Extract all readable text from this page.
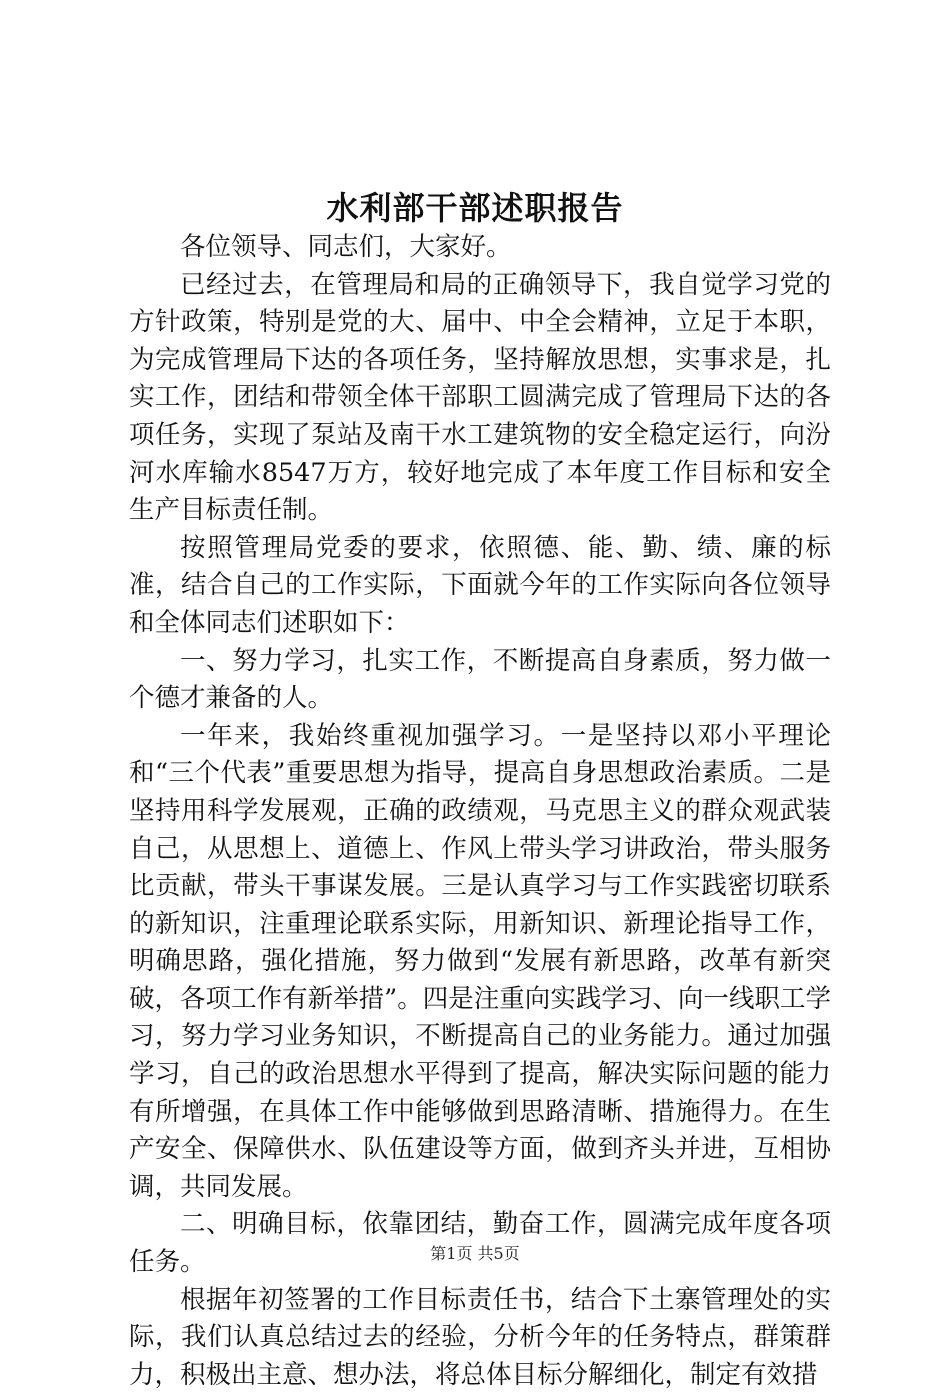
水利部干部述职报告

各位领导、同志们，大家好。

已经过去，在管理局和局的正确领导下，我自觉学习党的方针政策，特别是党的大、届中、中全会精神，立足于本职，为完成管理局下达的各项任务，坚持解放思想，实事求是，扎实工作，团结和带领全体干部职工圆满完成了管理局下达的各项任务，实现了泵站及南干水工建筑物的安全稳定运行，向汾河水库输水8547万方，较好地完成了本年度工作目标和安全生产目标责任制。

按照管理局党委的要求，依照德、能、勤、绩、廉的标准，结合自己的工作实际，下面就今年的工作实际向各位领导和全体同志们述职如下：

一、努力学习，扎实工作，不断提高自身素质，努力做一个德才兼备的人。

一年来，我始终重视加强学习。一是坚持以邓小平理论和“三个代表”重要思想为指导，提高自身思想政治素质。二是坚持用科学发展观，正确的政绩观，马克思主义的群众观武装自己，从思想上、道德上、作风上带头学习讲政治，带头服务比贡献，带头干事谋发展。三是认真学习与工作实践密切联系的新知识，注重理论联系实际，用新知识、新理论指导工作，明确思路，强化措施，努力做到“发展有新思路，改革有新突破，各项工作有新举措”。四是注重向实践学习、向一线职工学习，努力学习业务知识，不断提高自己的业务能力。通过加强学习，自己的政治思想水平得到了提高，解决实际问题的能力有所增强，在具体工作中能够做到思路清晰、措施得力。在生产安全、保障供水、队伍建设等方面，做到齐头并进，互相协调，共同发展。

二、明确目标，依靠团结，勤奋工作，圆满完成年度各项任务。

根据年初签署的工作目标责任书，结合下土寨管理处的实际，我们认真总结过去的经验，分析今年的任务特点，群策群力，积极出主意、想办法，将总体目标分解细化，制定有效措

第1页 共5页
